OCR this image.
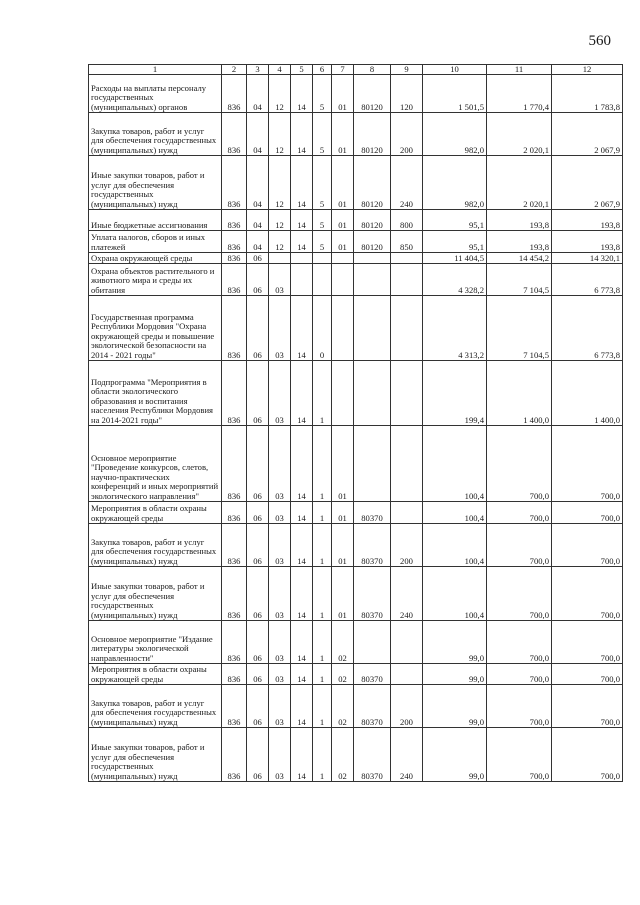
560
1	2	3	4	5	6	7	8	9	10	11	12
Расходы на выплаты персоналу государственных (муниципальных) органов	836	04	12	14	5	01	80120	120	1 501,5	1 770,4	1 783,8
Закупка товаров, работ и услуг для обеспечения государственных (муниципальных) нужд	836	04	12	14	5	01	80120	200	982,0	2 020,1	2 067,9
Иные закупки товаров, работ и услуг для обеспечения государственных (муниципальных) нужд	836	04	12	14	5	01	80120	240	982,0	2 020,1	2 067,9
Иные бюджетные ассигнования	836	04	12	14	5	01	80120	800	95,1	193,8	193,8
Уплата налогов, сборов и иных платежей	836	04	12	14	5	01	80120	850	95,1	193,8	193,8
Охрана окружающей среды	836	06							11 404,5	14 454,2	14 320,1
Охрана объектов растительного и животного мира и среды их обитания	836	06	03						4 328,2	7 104,5	6 773,8
Государственная программа Республики Мордовия "Охрана окружающей среды и повышение экологической безопасности на 2014 - 2021 годы"	836	06	03	14	0				4 313,2	7 104,5	6 773,8
Подпрограмма "Мероприятия в области экологического образования и воспитания населения Республики Мордовия на 2014-2021 годы"	836	06	03	14	1				199,4	1 400,0	1 400,0
Основное мероприятие "Проведение конкурсов, слетов, научно-практических конференций и иных мероприятий экологического направления"	836	06	03	14	1	01			100,4	700,0	700,0
Мероприятия в области охраны окружающей среды	836	06	03	14	1	01	80370		100,4	700,0	700,0
Закупка товаров, работ и услуг для обеспечения государственных (муниципальных) нужд	836	06	03	14	1	01	80370	200	100,4	700,0	700,0
Иные закупки товаров, работ и услуг для обеспечения государственных (муниципальных) нужд	836	06	03	14	1	01	80370	240	100,4	700,0	700,0
Основное мероприятие "Издание литературы экологической направленности"	836	06	03	14	1	02			99,0	700,0	700,0
Мероприятия в области охраны окружающей среды	836	06	03	14	1	02	80370		99,0	700,0	700,0
Закупка товаров, работ и услуг для обеспечения государственных (муниципальных) нужд	836	06	03	14	1	02	80370	200	99,0	700,0	700,0
Иные закупки товаров, работ и услуг для обеспечения государственных (муниципальных) нужд	836	06	03	14	1	02	80370	240	99,0	700,0	700,0
